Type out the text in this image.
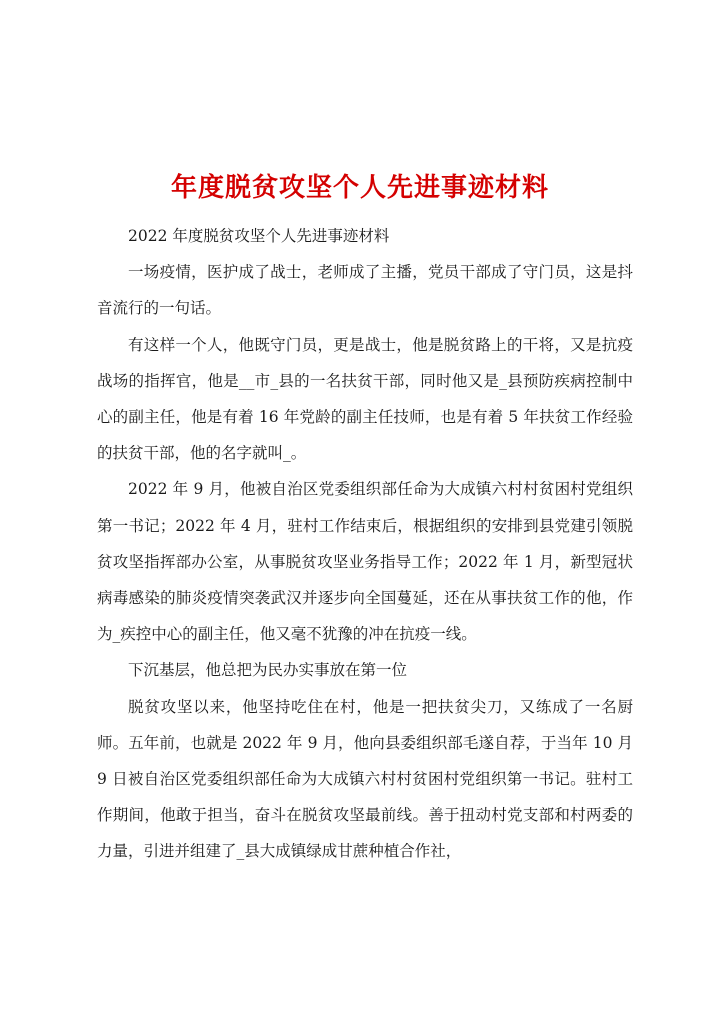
年度脱贫攻坚个人先进事迹材料

2022 年度脱贫攻坚个人先进事迹材料

一场疫情，医护成了战士，老师成了主播，党员干部成了守门员，这是抖音流行的一句话。

有这样一个人，他既守门员，更是战士，他是脱贫路上的干将，又是抗疫战场的指挥官，他是__市_县的一名扶贫干部，同时他又是_县预防疾病控制中心的副主任，他是有着 16 年党龄的副主任技师，也是有着 5 年扶贫工作经验的扶贫干部，他的名字就叫_。

2022 年 9 月，他被自治区党委组织部任命为大成镇六村村贫困村党组织第一书记；2022 年 4 月，驻村工作结束后，根据组织的安排到县党建引领脱贫攻坚指挥部办公室，从事脱贫攻坚业务指导工作；2022 年 1 月，新型冠状病毒感染的肺炎疫情突袭武汉并逐步向全国蔓延，还在从事扶贫工作的他，作为_疾控中心的副主任，他又毫不犹豫的冲在抗疫一线。

下沉基层，他总把为民办实事放在第一位

脱贫攻坚以来，他坚持吃住在村，他是一把扶贫尖刀，又练成了一名厨师。五年前，也就是 2022 年 9 月，他向县委组织部毛遂自荐，于当年 10 月 9 日被自治区党委组织部任命为大成镇六村村贫困村党组织第一书记。驻村工作期间，他敢于担当，奋斗在脱贫攻坚最前线。善于扭动村党支部和村两委的力量，引进并组建了_县大成镇绿成甘蔗种植合作社，
